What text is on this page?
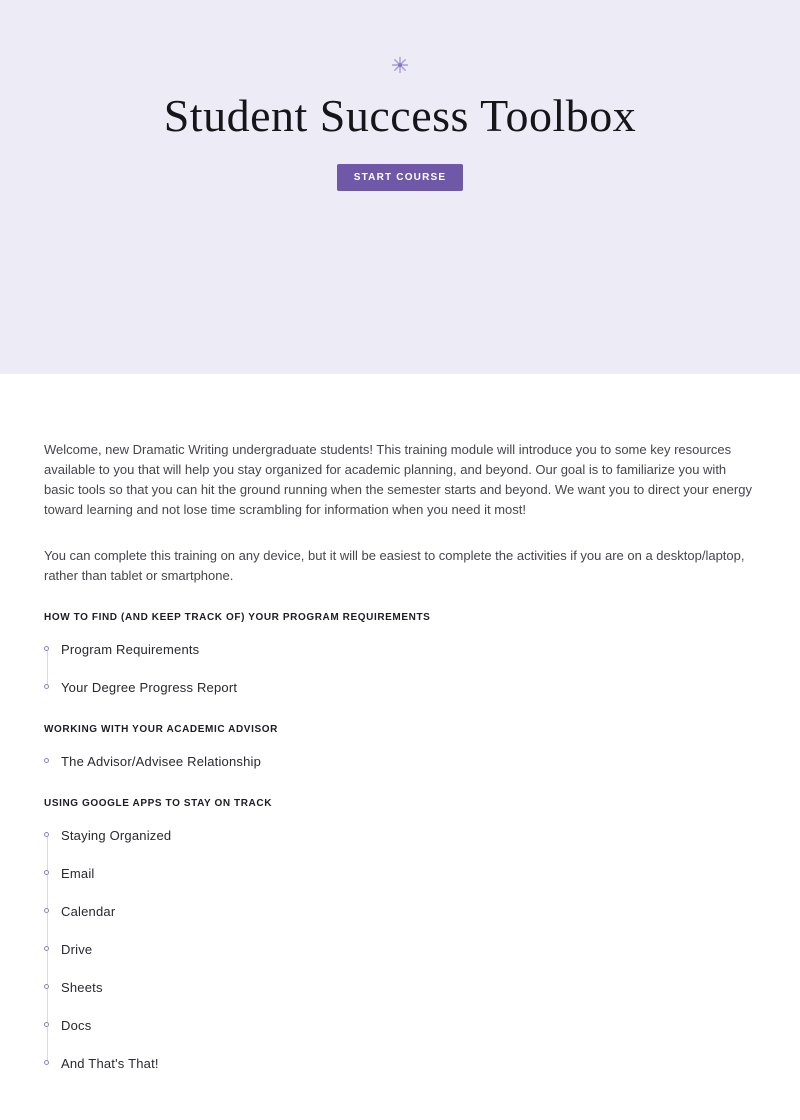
Student Success Toolbox
START COURSE

Welcome, new Dramatic Writing undergraduate students! This training module will introduce you to some key resources available to you that will help you stay organized for academic planning, and beyond. Our goal is to familiarize you with basic tools so that you can hit the ground running when the semester starts and beyond. We want you to direct your energy toward learning and not lose time scrambling for information when you need it most!

You can complete this training on any device, but it will be easiest to complete the activities if you are on a desktop/laptop, rather than tablet or smartphone.

HOW TO FIND (AND KEEP TRACK OF) YOUR PROGRAM REQUIREMENTS
Program Requirements
Your Degree Progress Report
WORKING WITH YOUR ACADEMIC ADVISOR
The Advisor/Advisee Relationship
USING GOOGLE APPS TO STAY ON TRACK
Staying Organized
Email
Calendar
Drive
Sheets
Docs
And That's That!
